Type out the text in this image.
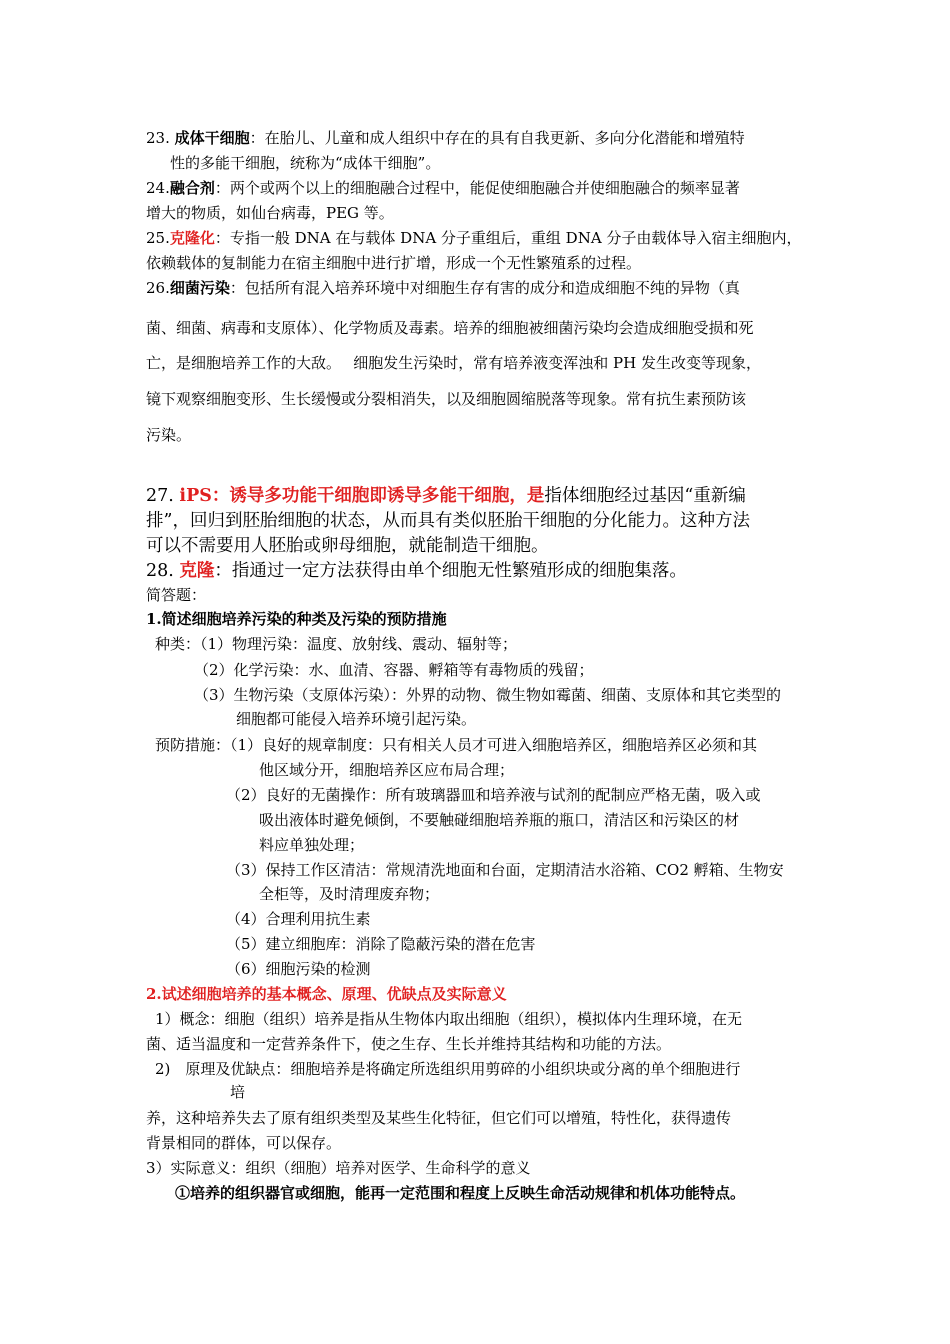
23. 成体干细胞：在胎儿、儿童和成人组织中存在的具有自我更新、多向分化潜能和增殖特
性的多能干细胞，统称为“成体干细胞”。
24.融合剂：两个或两个以上的细胞融合过程中，能促使细胞融合并使细胞融合的频率显著
增大的物质，如仙台病毒，PEG 等。
25.克隆化：专指一般 DNA 在与载体 DNA 分子重组后，重组 DNA 分子由载体导入宿主细胞内，
依赖载体的复制能力在宿主细胞中进行扩增，形成一个无性繁殖系的过程。
26.细菌污染：包括所有混入培养环境中对细胞生存有害的成分和造成细胞不纯的异物（真
菌、细菌、病毒和支原体）、化学物质及毒素。培养的细胞被细菌污染均会造成细胞受损和死
亡，是细胞培养工作的大敌。　 细胞发生污染时，常有培养液变浑浊和 PH 发生改变等现象，
镜下观察细胞变形、生长缓慢或分裂相消失，以及细胞圆缩脱落等现象。常有抗生素预防该
污染。
27. iPS：诱导多功能干细胞即诱导多能干细胞，是指体细胞经过基因“重新编
排”，回归到胚胎细胞的状态，从而具有类似胚胎干细胞的分化能力。这种方法
可以不需要用人胚胎或卵母细胞，就能制造干细胞。
28. 克隆：指通过一定方法获得由单个细胞无性繁殖形成的细胞集落。
简答题：
1.简述细胞培养污染的种类及污染的预防措施
种类：（1）物理污染：温度、放射线、震动、辐射等；
（2）化学污染：水、血清、容器、孵箱等有毒物质的残留；
（3）生物污染（支原体污染）：外界的动物、微生物如霉菌、细菌、支原体和其它类型的
细胞都可能侵入培养环境引起污染。
预防措施：（1）良好的规章制度：只有相关人员才可进入细胞培养区，细胞培养区必须和其
他区域分开，细胞培养区应布局合理；
（2）良好的无菌操作：所有玻璃器皿和培养液与试剂的配制应严格无菌，吸入或
吸出液体时避免倾倒，不要触碰细胞培养瓶的瓶口，清洁区和污染区的材
料应单独处理；
（3）保持工作区清洁：常规清洗地面和台面，定期清洁水浴箱、CO2 孵箱、生物安
全柜等，及时清理废弃物；
（4）合理利用抗生素
（5）建立细胞库：消除了隐蔽污染的潜在危害
（6）细胞污染的检测
2.试述细胞培养的基本概念、原理、优缺点及实际意义
1）概念：细胞（组织）培养是指从生物体内取出细胞（组织），模拟体内生理环境，在无
菌、适当温度和一定营养条件下，使之生存、生长并维持其结构和功能的方法。
2)　原理及优缺点：细胞培养是将确定所选组织用剪碎的小组织块或分离的单个细胞进行
培
养，这种培养失去了原有组织类型及某些生化特征，但它们可以增殖，特性化，获得遗传
背景相同的群体，可以保存。
3）实际意义：组织（细胞）培养对医学、生命科学的意义
①培养的组织器官或细胞，能再一定范围和程度上反映生命活动规律和机体功能特点。
